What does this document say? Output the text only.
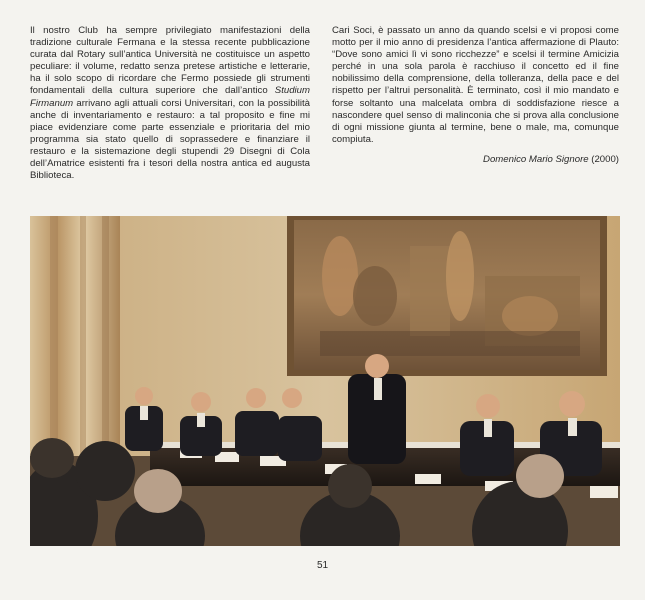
Il nostro Club ha sempre privilegiato manifestazioni della tradizione culturale Fermana e la stessa recente pubblicazione curata dal Rotary sull’antica Università ne costituisce un aspetto peculiare: il volume, redatto senza pretese artistiche e letterarie, ha il solo scopo di ricordare che Fermo possiede gli strumenti fondamentali della cultura superiore che dall’antico Studium Firmanum arrivano agli attuali corsi Universitari, con la possibilità anche di inventariamento e restauro: a tal proposito e fine mi piace evidenziare come parte essenziale e prioritaria del mio programma sia stato quello di soprassedere e finanziare il restauro e la sistemazione degli stupendi 29 Disegni di Cola dell’Amatrice esistenti fra i tesori della nostra antica ed augusta Biblioteca.

Cari Soci, è passato un anno da quando scelsi e vi proposi come motto per il mio anno di presidenza l’antica affermazione di Plauto: “Dove sono amici lì vi sono ricchezze” e scelsi il termine Amicizia perché in una sola parola è racchiuso il concetto ed il fine nobilissimo della comprensione, della tolleranza, della pace e del rispetto per l’altrui personalità. È terminato, così il mio mandato e forse soltanto una malcelata ombra di soddisfazione riesce a nascondere quel senso di malinconia che si prova alla conclusione di ogni missione giunta al termine, bene o male, ma, comunque compiuta.

Domenico Mario Signore (2000)

51
